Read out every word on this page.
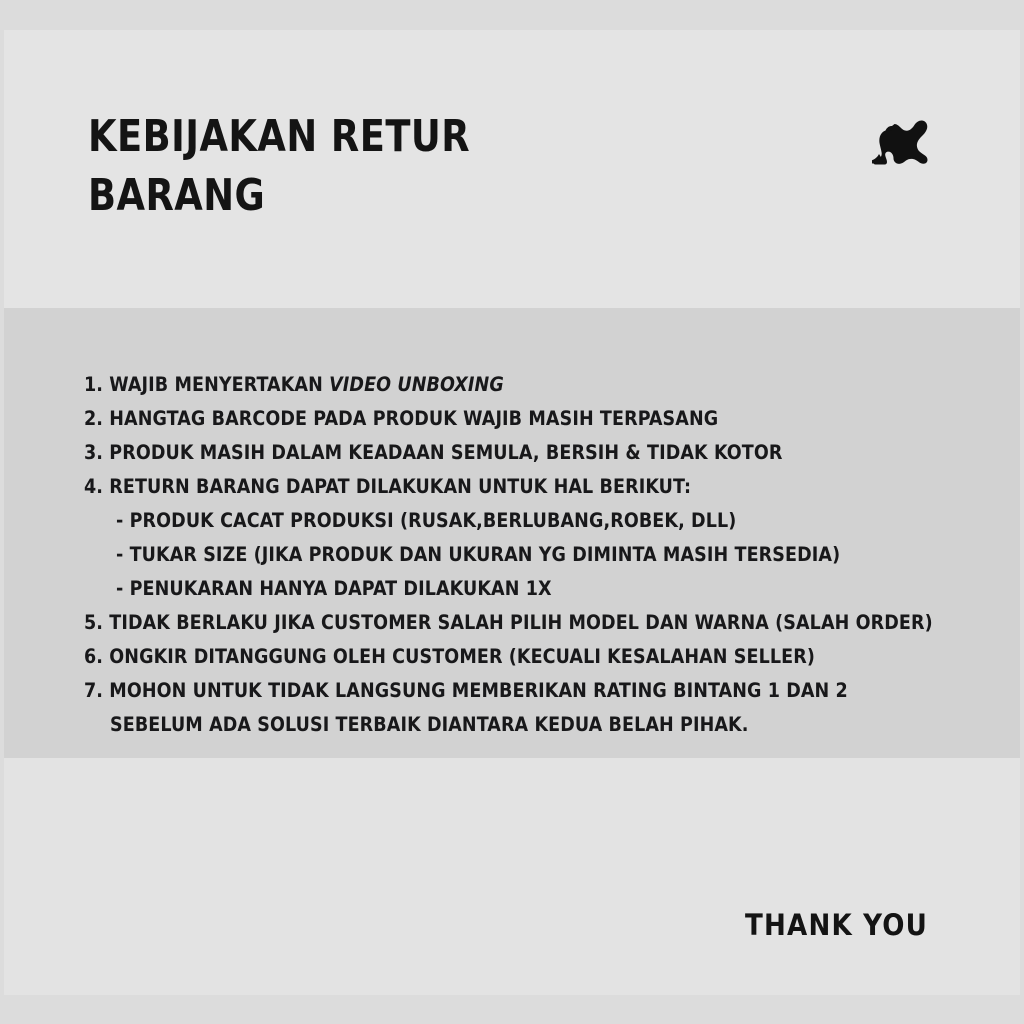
KEBIJAKAN RETUR
BARANG
1. WAJIB MENYERTAKAN VIDEO UNBOXING
2. HANGTAG BARCODE PADA PRODUK WAJIB MASIH TERPASANG
3. PRODUK MASIH DALAM KEADAAN SEMULA, BERSIH & TIDAK KOTOR
4. RETURN BARANG DAPAT DILAKUKAN UNTUK HAL BERIKUT:
- PRODUK CACAT PRODUKSI (RUSAK,BERLUBANG,ROBEK, DLL)
- TUKAR SIZE (JIKA PRODUK DAN UKURAN YG DIMINTA MASIH TERSEDIA)
- PENUKARAN HANYA DAPAT DILAKUKAN 1X
5. TIDAK BERLAKU JIKA CUSTOMER SALAH PILIH MODEL DAN WARNA (SALAH ORDER)
6. ONGKIR DITANGGUNG OLEH CUSTOMER (KECUALI KESALAHAN SELLER)
7. MOHON UNTUK TIDAK LANGSUNG MEMBERIKAN RATING BINTANG 1 DAN 2
SEBELUM ADA SOLUSI TERBAIK DIANTARA KEDUA BELAH PIHAK.
THANK YOU
